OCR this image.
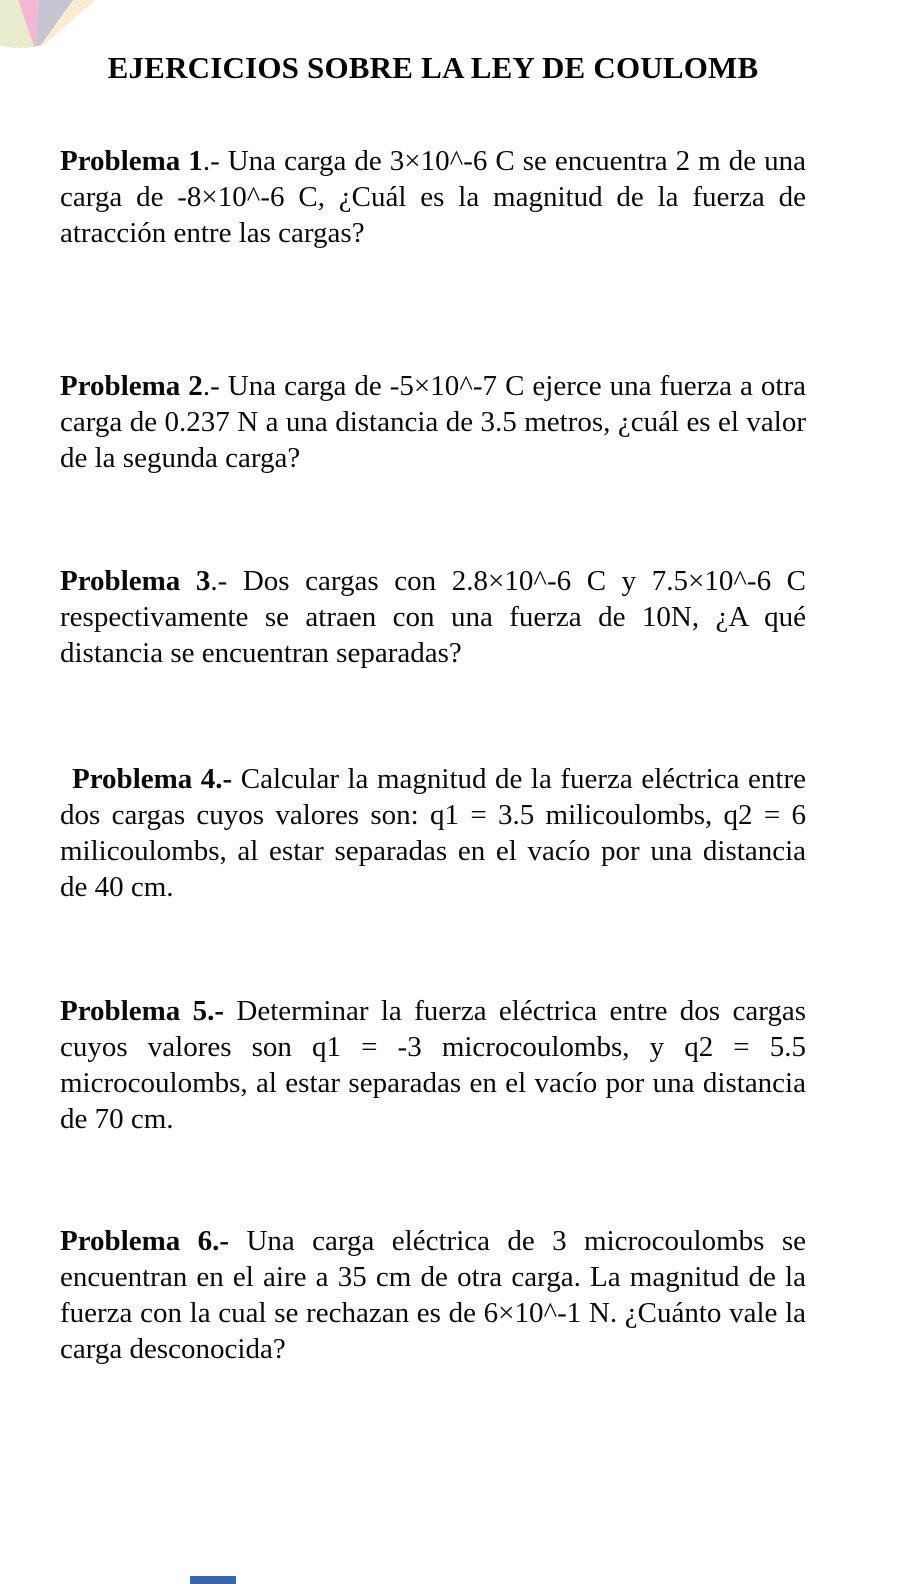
EJERCICIOS SOBRE LA LEY DE COULOMB

Problema 1.- Una carga de 3×10^-6 C se encuentra 2 m de una carga de -8×10^-6 C, ¿Cuál es la magnitud de la fuerza de atracción entre las cargas?

Problema 2.- Una carga de -5×10^-7 C ejerce una fuerza a otra carga de 0.237 N a una distancia de 3.5 metros, ¿cuál es el valor de la segunda carga?

Problema 3.- Dos cargas con 2.8×10^-6 C y 7.5×10^-6 C respectivamente se atraen con una fuerza de 10N, ¿A qué distancia se encuentran separadas?

Problema 4.- Calcular la magnitud de la fuerza eléctrica entre dos cargas cuyos valores son: q1 = 3.5 milicoulombs, q2 = 6 milicoulombs, al estar separadas en el vacío por una distancia de 40 cm.

Problema 5.- Determinar la fuerza eléctrica entre dos cargas cuyos valores son q1 = -3 microcoulombs, y q2 = 5.5 microcoulombs, al estar separadas en el vacío por una distancia de 70 cm.

Problema 6.- Una carga eléctrica de 3 microcoulombs se encuentran en el aire a 35 cm de otra carga. La magnitud de la fuerza con la cual se rechazan es de 6×10^-1 N. ¿Cuánto vale la carga desconocida?
